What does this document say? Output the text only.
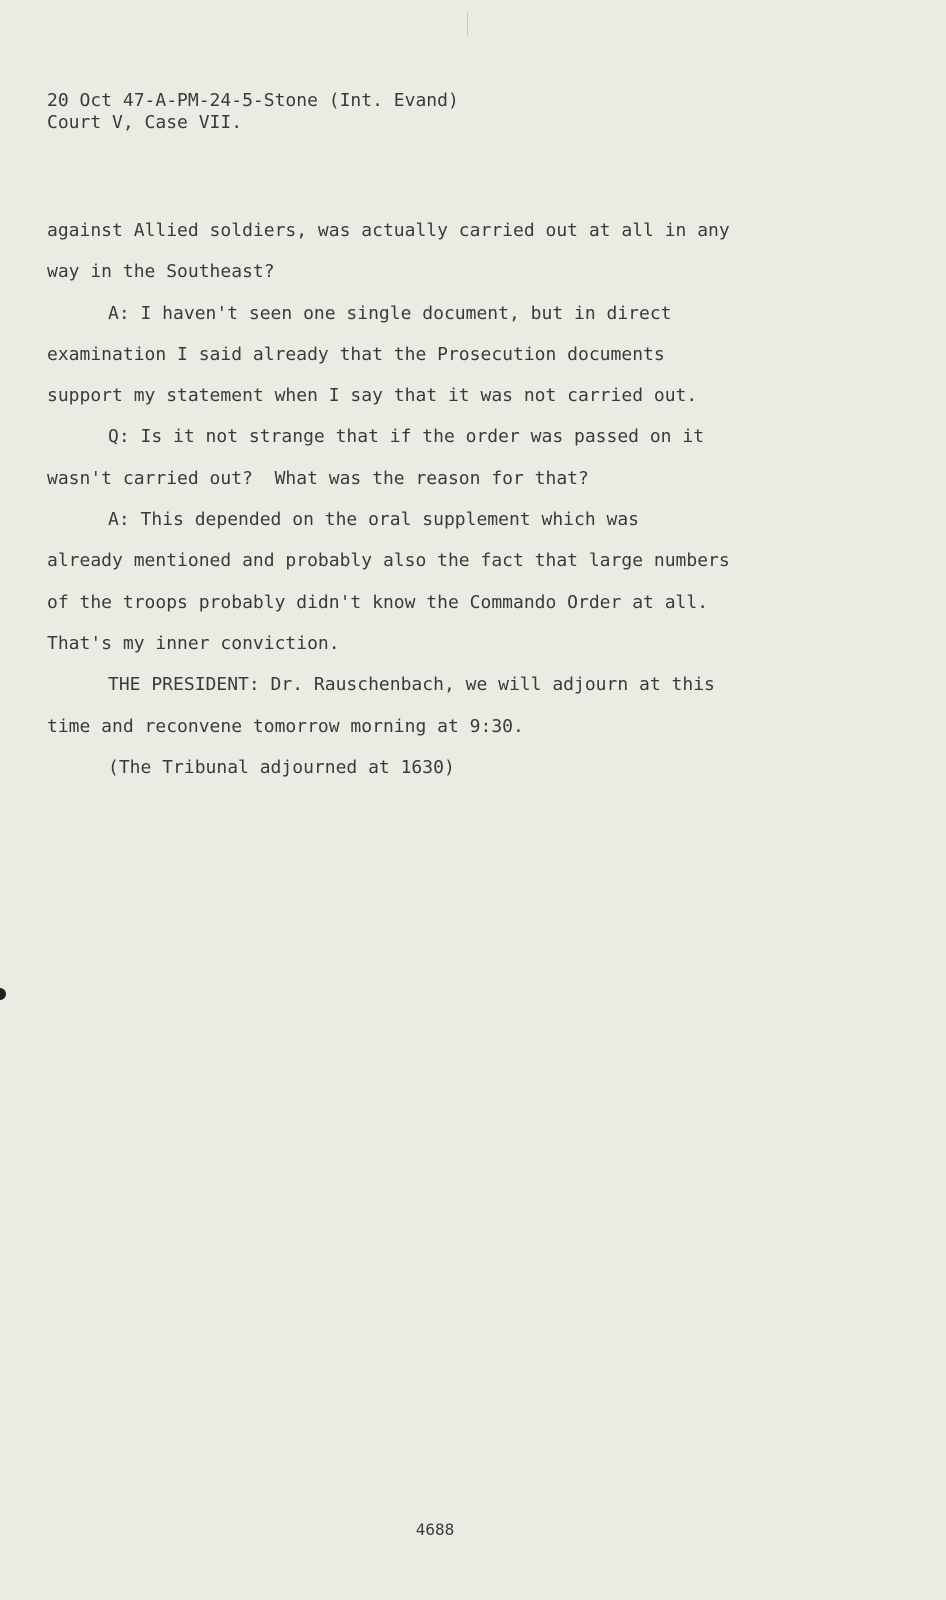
20 Oct 47-A-PM-24-5-Stone (Int. Evand)
Court V, Case VII.

against Allied soldiers, was actually carried out at all in any

way in the Southeast?

A: I haven't seen one single document, but in direct

examination I said already that the Prosecution documents

support my statement when I say that it was not carried out.

Q: Is it not strange that if the order was passed on it

wasn't carried out?  What was the reason for that?

A: This depended on the oral supplement which was

already mentioned and probably also the fact that large numbers

of the troops probably didn't know the Commando Order at all.

That's my inner conviction.

THE PRESIDENT: Dr. Rauschenbach, we will adjourn at this

time and reconvene tomorrow morning at 9:30.

(The Tribunal adjourned at 1630)

4688
